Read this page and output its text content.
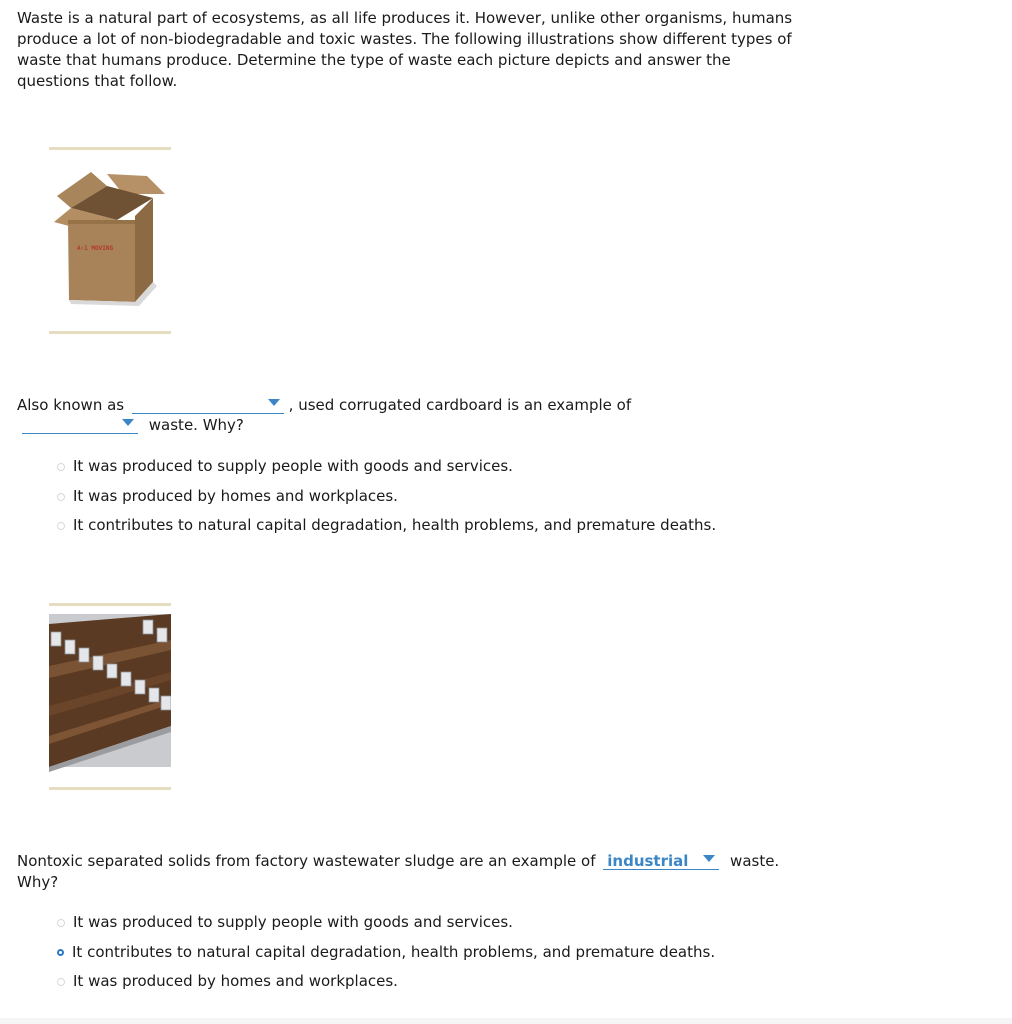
Waste is a natural part of ecosystems, as all life produces it. However, unlike other organisms, humans produce a lot of non-biodegradable and toxic wastes. The following illustrations show different types of waste that humans produce. Determine the type of waste each picture depicts and answer the questions that follow.

A-1 MOVING
Also known as	, used corrugated cardboard is an example of
waste. Why?
It was produced to supply people with goods and services.
It was produced by homes and workplaces.
It contributes to natural capital degradation, health problems, and premature deaths.
Nontoxic separated solids from factory wastewater sludge are an example of industrial	waste.
Why?
It was produced to supply people with goods and services.
It contributes to natural capital degradation, health problems, and premature deaths.
It was produced by homes and workplaces.
